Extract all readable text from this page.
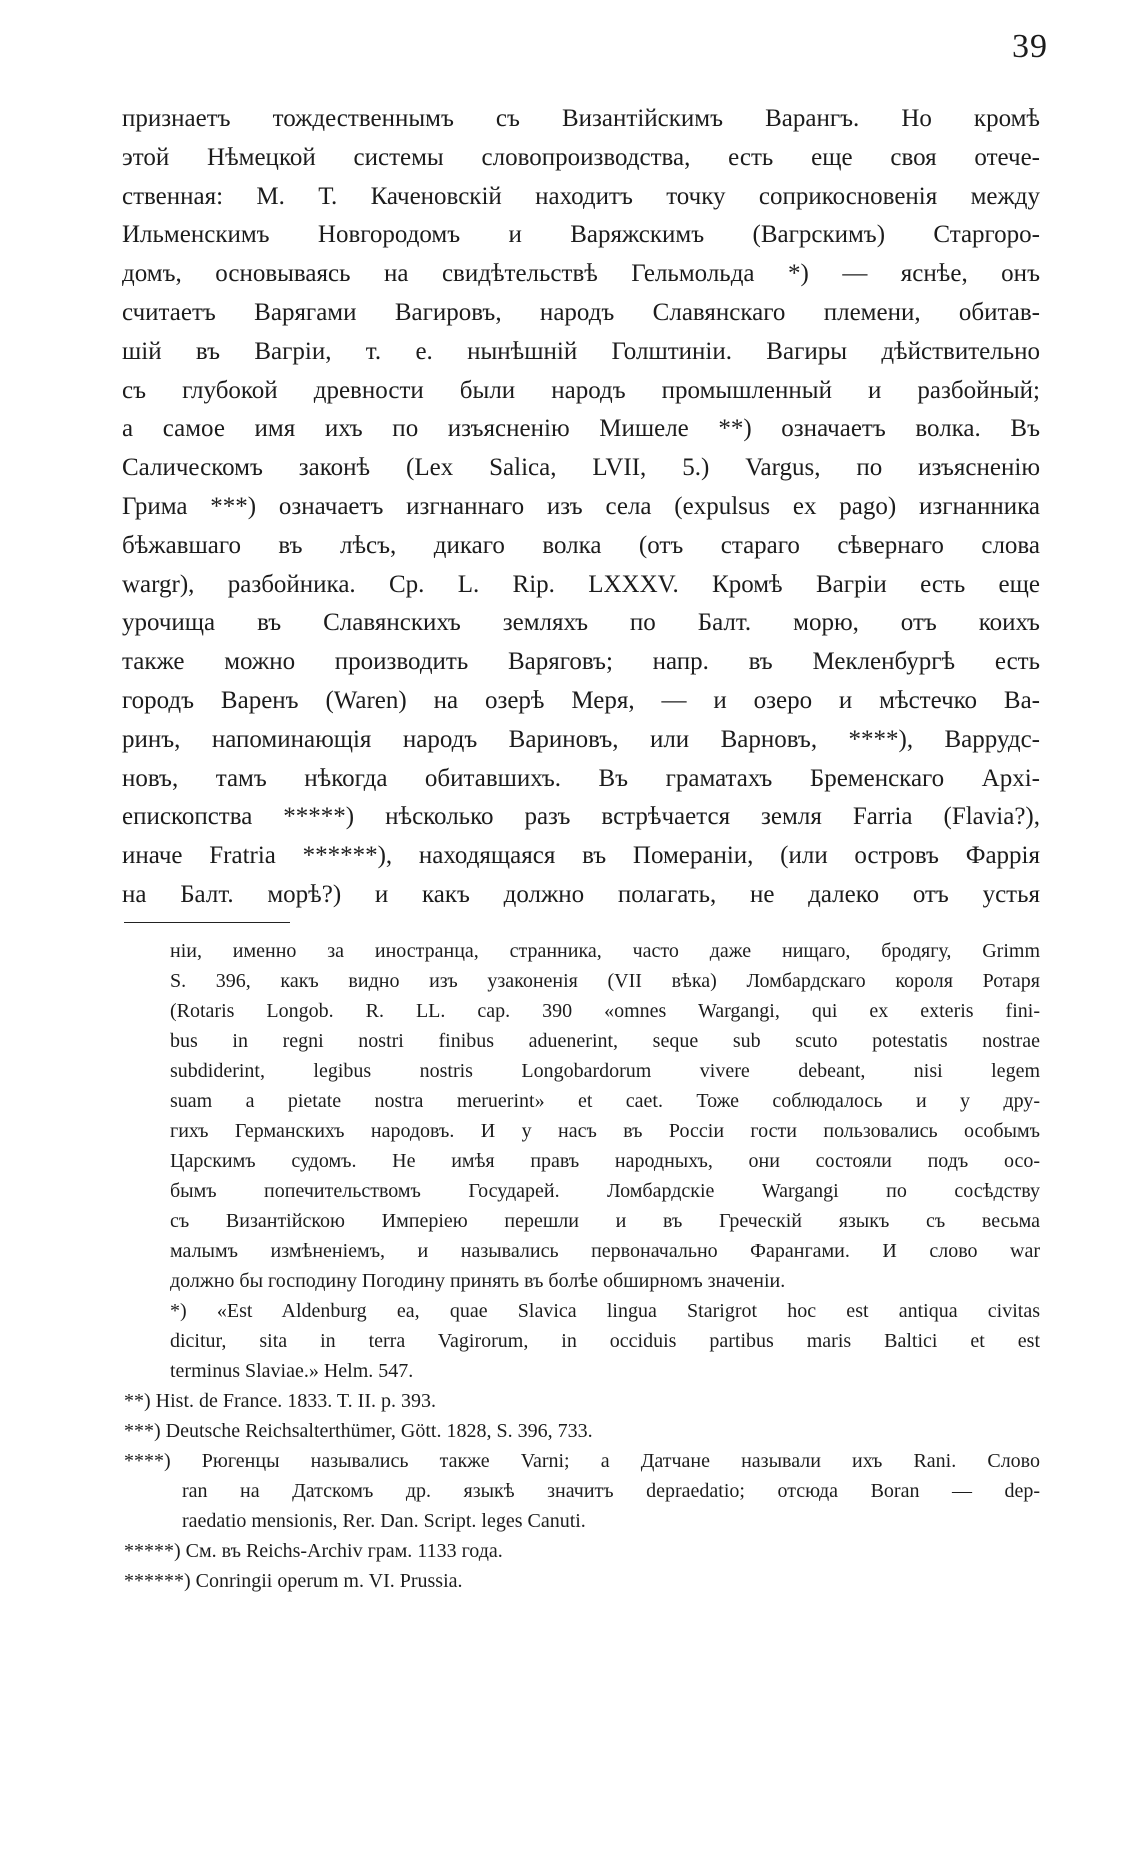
39
признаетъ тождественнымъ съ Византійскимъ Варангъ. Но кромѣ
этой Нѣмецкой системы словопроизводства, есть еще своя отече-
ственная: М. Т. Каченовскій находитъ точку соприкосновенія между
Ильменскимъ Новгородомъ и Варяжскимъ (Вагрскимъ) Старгоро-
домъ, основываясь на свидѣтельствѣ Гельмольда *) — яснѣе, онъ
считаетъ Варягами Вагировъ, народъ Славянскаго племени, обитав-
шій въ Вагріи, т. е. нынѣшній Голштиніи. Вагиры дѣйствительно
съ глубокой древности были народъ промышленный и разбойный;
а самое имя ихъ по изъясненію Мишеле **) означаетъ волка. Въ
Салическомъ законѣ (Lex Salica, LVII, 5.) Vargus, по изъясненію
Грима ***) означаетъ изгнаннаго изъ села (expulsus ex pago) изгнанника
бѣжавшаго въ лѣсъ, дикаго волка (отъ стараго сѣвернаго слова
wargr), разбойника. Ср. L. Rip. LXXXV. Кромѣ Вагріи есть еще
урочища въ Славянскихъ земляхъ по Балт. морю, отъ коихъ
также можно производить Варяговъ; напр. въ Мекленбургѣ есть
городъ Варенъ (Waren) на озерѣ Меря, — и озеро и мѣстечко Ва-
ринъ, напоминающія народъ Вариновъ, или Варновъ, ****), Варрудс-
новъ, тамъ нѣкогда обитавшихъ. Въ граматахъ Бременскаго Архі-
епископства *****) нѣсколько разъ встрѣчается земля Farria (Flavia?),
иначе Fratria ******), находящаяся въ Помераніи, (или островъ Фаррія
на Балт. морѣ?) и какъ должно полагать, не далеко отъ устья
ніи, именно за иностранца, странника, часто даже нищаго, бродягу, Grimm
S. 396, какъ видно изъ узаконенія (VII вѣка) Ломбардскаго короля Ротаря
(Rotaris Longob. R. LL. cap. 390 «omnes Wargangi, qui ex exteris fini-
bus in regni nostri finibus aduenerint, seque sub scuto potestatis nostrae
subdiderint, legibus nostris Longobardorum vivere debeant, nisi legem
suam a pietate nostra meruerint» et caet. Тоже соблюдалось и у дру-
гихъ Германскихъ народовъ. И у насъ въ Россіи гости пользовались особымъ
Царскимъ судомъ. Не имѣя правъ народныхъ, они состояли подъ осо-
бымъ попечительствомъ Государей. Ломбардскіе Wargangi по сосѣдству
съ Византійскою Имперіею перешли и въ Греческій языкъ съ весьма
малымъ измѣненіемъ, и назывались первоначально Фарангами. И слово war
должно бы господину Погодину принять въ болѣе обширномъ значеніи.
*) «Est Aldenburg ea, quae Slavica lingua Starigrot hoc est antiqua civitas
dicitur, sita in terra Vagirorum, in occiduis partibus maris Baltici et est
terminus Slaviae.» Helm. 547.
**) Hist. de France. 1833. T. II. p. 393.
***) Deutsche Reichsalterthümer, Gött. 1828, S. 396, 733.
****) Рюгенцы назывались также Varni; а Датчане называли ихъ Rani. Слово
ran на Датскомъ др. языкѣ значитъ depraedatio; отсюда Boran — dep-
raedatio mensionis, Rer. Dan. Script. leges Canuti.
*****) См. въ Reichs-Archiv грам. 1133 года.
******) Conringii operum m. VI. Prussia.
